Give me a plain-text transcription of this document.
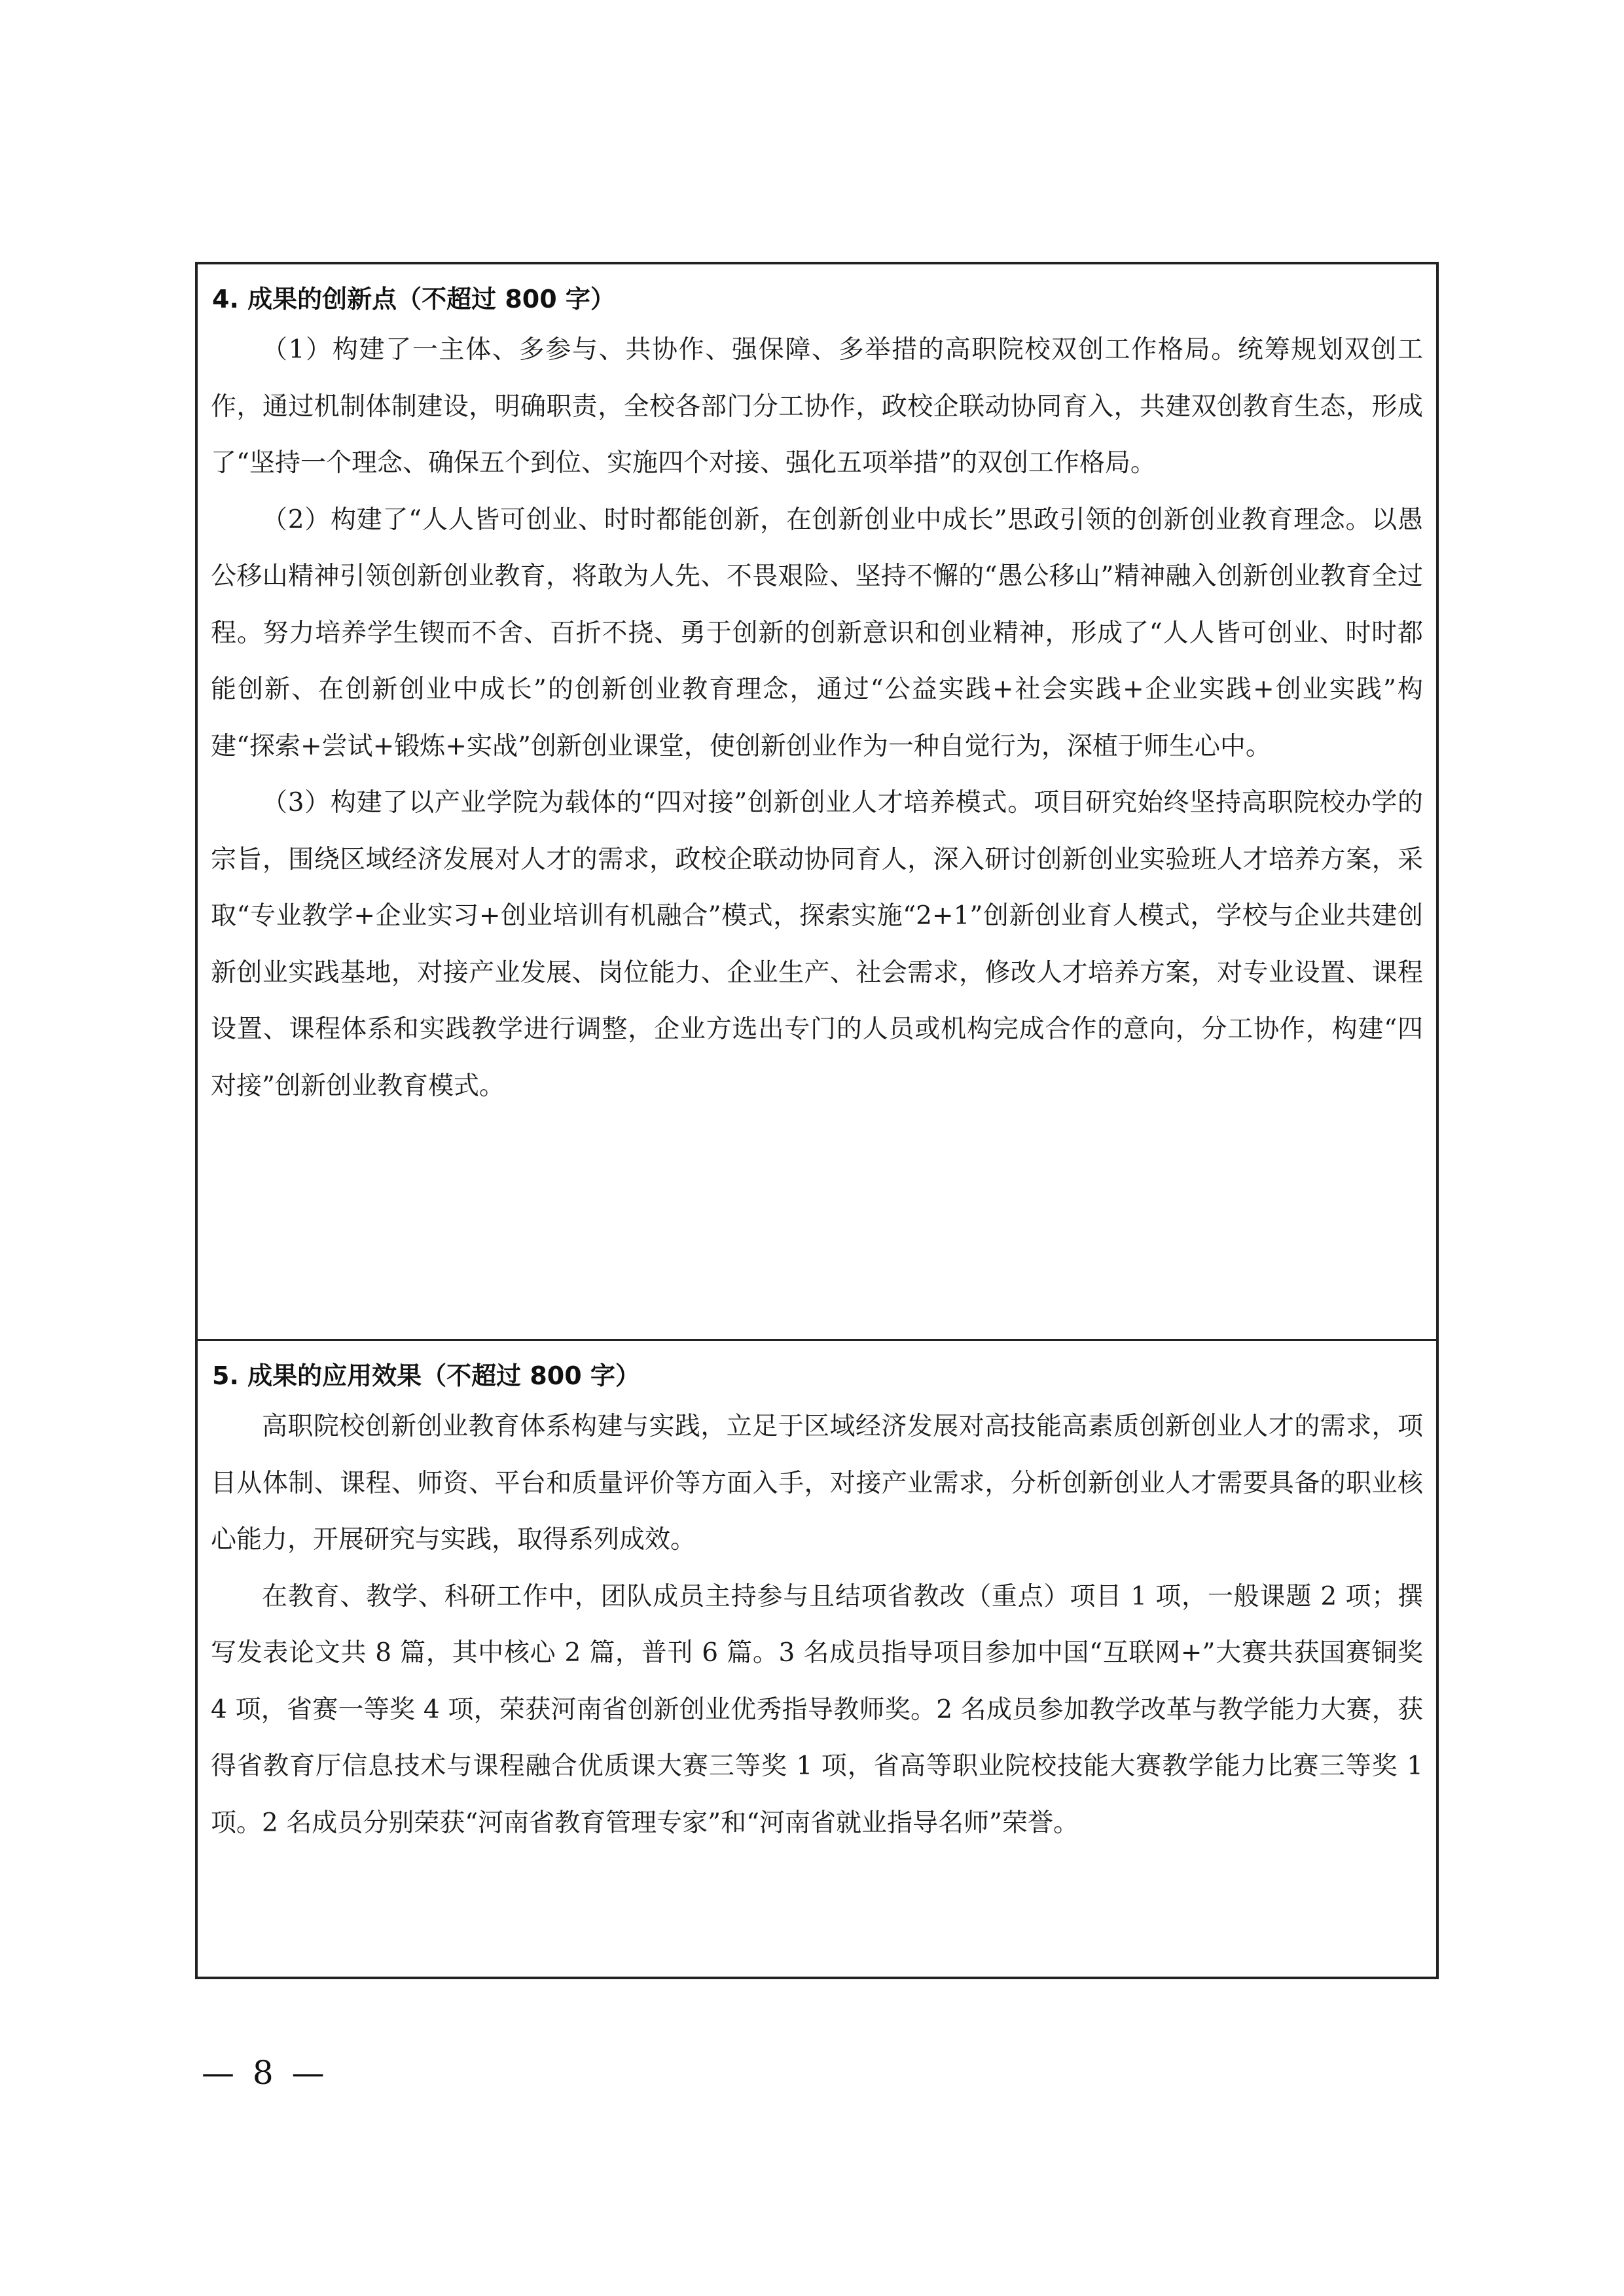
4. 成果的创新点（不超过 800 字）

（1）构建了一主体、多参与、共协作、强保障、多举措的高职院校双创工作格局。统筹规划双创工作，通过机制体制建设，明确职责，全校各部门分工协作，政校企联动协同育入，共建双创教育生态，形成了“坚持一个理念、确保五个到位、实施四个对接、强化五项举措”的双创工作格局。

（2）构建了“人人皆可创业、时时都能创新，在创新创业中成长”思政引领的创新创业教育理念。以愚公移山精神引领创新创业教育，将敢为人先、不畏艰险、坚持不懈的“愚公移山”精神融入创新创业教育全过程。努力培养学生锲而不舍、百折不挠、勇于创新的创新意识和创业精神，形成了“人人皆可创业、时时都能创新、在创新创业中成长”的创新创业教育理念，通过“公益实践+社会实践+企业实践+创业实践”构建“探索+尝试+锻炼+实战”创新创业课堂，使创新创业作为一种自觉行为，深植于师生心中。

（3）构建了以产业学院为载体的“四对接”创新创业人才培养模式。项目研究始终坚持高职院校办学的宗旨，围绕区域经济发展对人才的需求，政校企联动协同育人，深入研讨创新创业实验班人才培养方案，采取“专业教学+企业实习+创业培训有机融合”模式，探索实施“2+1”创新创业育人模式，学校与企业共建创新创业实践基地，对接产业发展、岗位能力、企业生产、社会需求，修改人才培养方案，对专业设置、课程设置、课程体系和实践教学进行调整，企业方选出专门的人员或机构完成合作的意向，分工协作，构建“四对接”创新创业教育模式。

5. 成果的应用效果（不超过 800 字）

高职院校创新创业教育体系构建与实践，立足于区域经济发展对高技能高素质创新创业人才的需求，项目从体制、课程、师资、平台和质量评价等方面入手，对接产业需求，分析创新创业人才需要具备的职业核心能力，开展研究与实践，取得系列成效。

在教育、教学、科研工作中，团队成员主持参与且结项省教改（重点）项目 1 项，一般课题 2 项；撰写发表论文共 8 篇，其中核心 2 篇，普刊 6 篇。3 名成员指导项目参加中国“互联网+”大赛共获国赛铜奖 4 项，省赛一等奖 4 项，荣获河南省创新创业优秀指导教师奖。2 名成员参加教学改革与教学能力大赛，获得省教育厅信息技术与课程融合优质课大赛三等奖 1 项，省高等职业院校技能大赛教学能力比赛三等奖 1 项。2 名成员分别荣获“河南省教育管理专家”和“河南省就业指导名师”荣誉。

— 8 —
